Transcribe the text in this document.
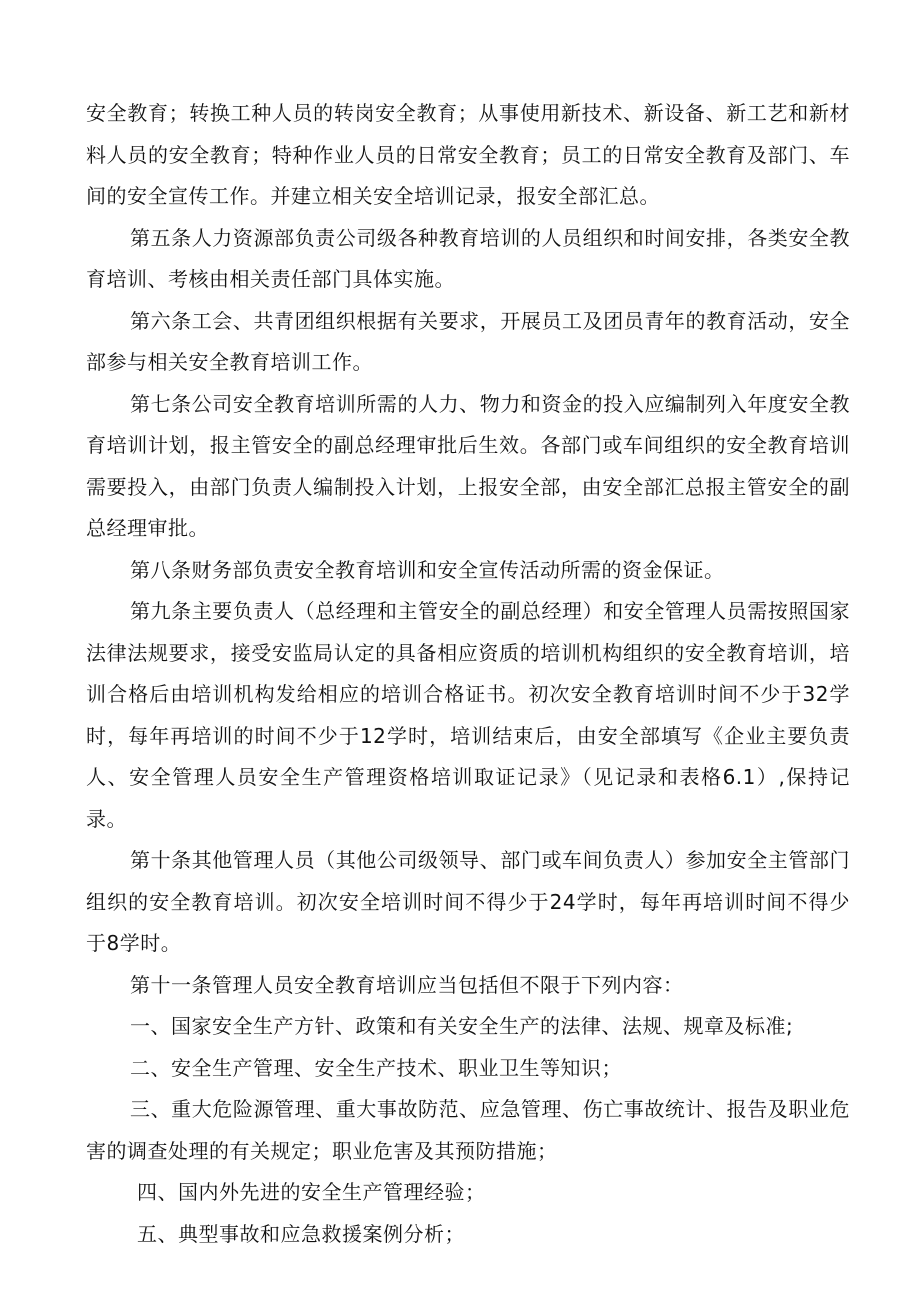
安全教育；转换工种人员的转岗安全教育；从事使用新技术、新设备、新工艺和新材料人员的安全教育；特种作业人员的日常安全教育；员工的日常安全教育及部门、车间的安全宣传工作。并建立相关安全培训记录，报安全部汇总。

第五条人力资源部负责公司级各种教育培训的人员组织和时间安排，各类安全教育培训、考核由相关责任部门具体实施。

第六条工会、共青团组织根据有关要求，开展员工及团员青年的教育活动，安全部参与相关安全教育培训工作。

第七条公司安全教育培训所需的人力、物力和资金的投入应编制列入年度安全教育培训计划，报主管安全的副总经理审批后生效。各部门或车间组织的安全教育培训需要投入，由部门负责人编制投入计划，上报安全部，由安全部汇总报主管安全的副总经理审批。

第八条财务部负责安全教育培训和安全宣传活动所需的资金保证。

第九条主要负责人（总经理和主管安全的副总经理）和安全管理人员需按照国家法律法规要求，接受安监局认定的具备相应资质的培训机构组织的安全教育培训，培训合格后由培训机构发给相应的培训合格证书。初次安全教育培训时间不少于32学时，每年再培训的时间不少于12学时，培训结束后，由安全部填写《企业主要负责人、安全管理人员安全生产管理资格培训取证记录》（见记录和表格6.1）,保持记录。

第十条其他管理人员（其他公司级领导、部门或车间负责人）参加安全主管部门组织的安全教育培训。初次安全培训时间不得少于24学时，每年再培训时间不得少于8学时。

第十一条管理人员安全教育培训应当包括但不限于下列内容：

一、国家安全生产方针、政策和有关安全生产的法律、法规、规章及标准;

二、安全生产管理、安全生产技术、职业卫生等知识；

三、重大危险源管理、重大事故防范、应急管理、伤亡事故统计、报告及职业危害的调查处理的有关规定；职业危害及其预防措施；

四、国内外先进的安全生产管理经验；

五、典型事故和应急救援案例分析；
